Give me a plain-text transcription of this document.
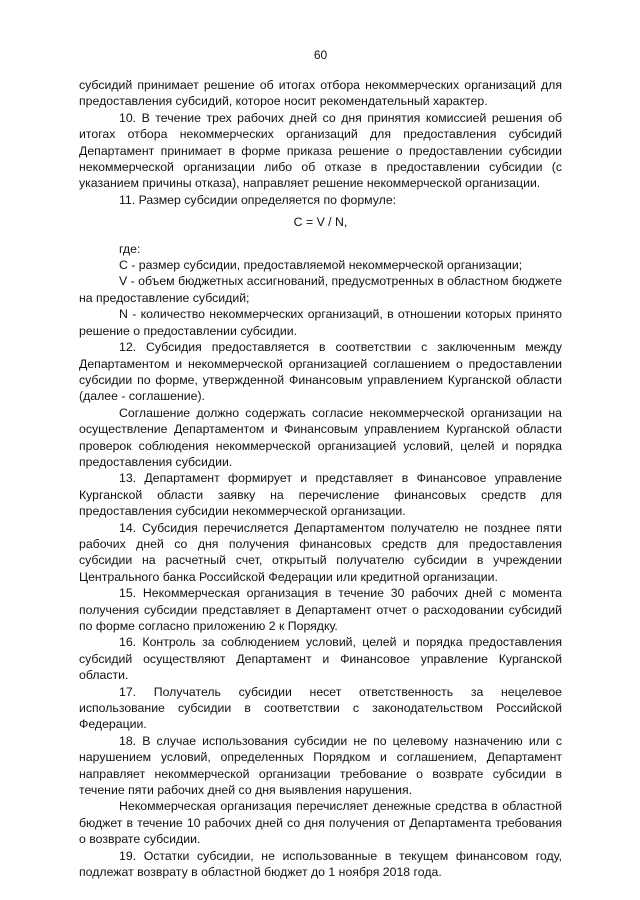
60

субсидий принимает решение об итогах отбора некоммерческих организаций для предоставления субсидий, которое носит рекомендательный характер.

10. В течение трех рабочих дней со дня принятия комиссией решения об итогах отбора некоммерческих организаций для предоставления субсидий Департамент принимает в форме приказа решение о предоставлении субсидии некоммерческой организации либо об отказе в предоставлении субсидии (с указанием причины отказа), направляет решение некоммерческой организации.

11. Размер субсидии определяется по формуле:

C = V / N,

где:

C - размер субсидии, предоставляемой некоммерческой организации;

V - объем бюджетных ассигнований, предусмотренных в областном бюджете на предоставление субсидий;

N - количество некоммерческих организаций, в отношении которых принято решение о предоставлении субсидии.

12. Субсидия предоставляется в соответствии с заключенным между Департаментом и некоммерческой организацией соглашением о предоставлении субсидии по форме, утвержденной Финансовым управлением Курганской области (далее - соглашение).

Соглашение должно содержать согласие некоммерческой организации на осуществление Департаментом и Финансовым управлением Курганской области проверок соблюдения некоммерческой организацией условий, целей и порядка предоставления субсидии.

13. Департамент формирует и представляет в Финансовое управление Курганской области заявку на перечисление финансовых средств для предоставления субсидии некоммерческой организации.

14. Субсидия перечисляется Департаментом получателю не позднее пяти рабочих дней со дня получения финансовых средств для предоставления субсидии на расчетный счет, открытый получателю субсидии в учреждении Центрального банка Российской Федерации или кредитной организации.

15. Некоммерческая организация в течение 30 рабочих дней с момента получения субсидии представляет в Департамент отчет о расходовании субсидий по форме согласно приложению 2 к Порядку.

16. Контроль за соблюдением условий, целей и порядка предоставления субсидий осуществляют Департамент и Финансовое управление Курганской области.

17. Получатель субсидии несет ответственность за нецелевое использование субсидии в соответствии с законодательством Российской Федерации.

18. В случае использования субсидии не по целевому назначению или с нарушением условий, определенных Порядком и соглашением, Департамент направляет некоммерческой организации требование о возврате субсидии в течение пяти рабочих дней со дня выявления нарушения.

Некоммерческая организация перечисляет денежные средства в областной бюджет в течение 10 рабочих дней со дня получения от Департамента требования о возврате субсидии.

19. Остатки субсидии, не использованные в текущем финансовом году, подлежат возврату в областной бюджет до 1 ноября 2018 года.
